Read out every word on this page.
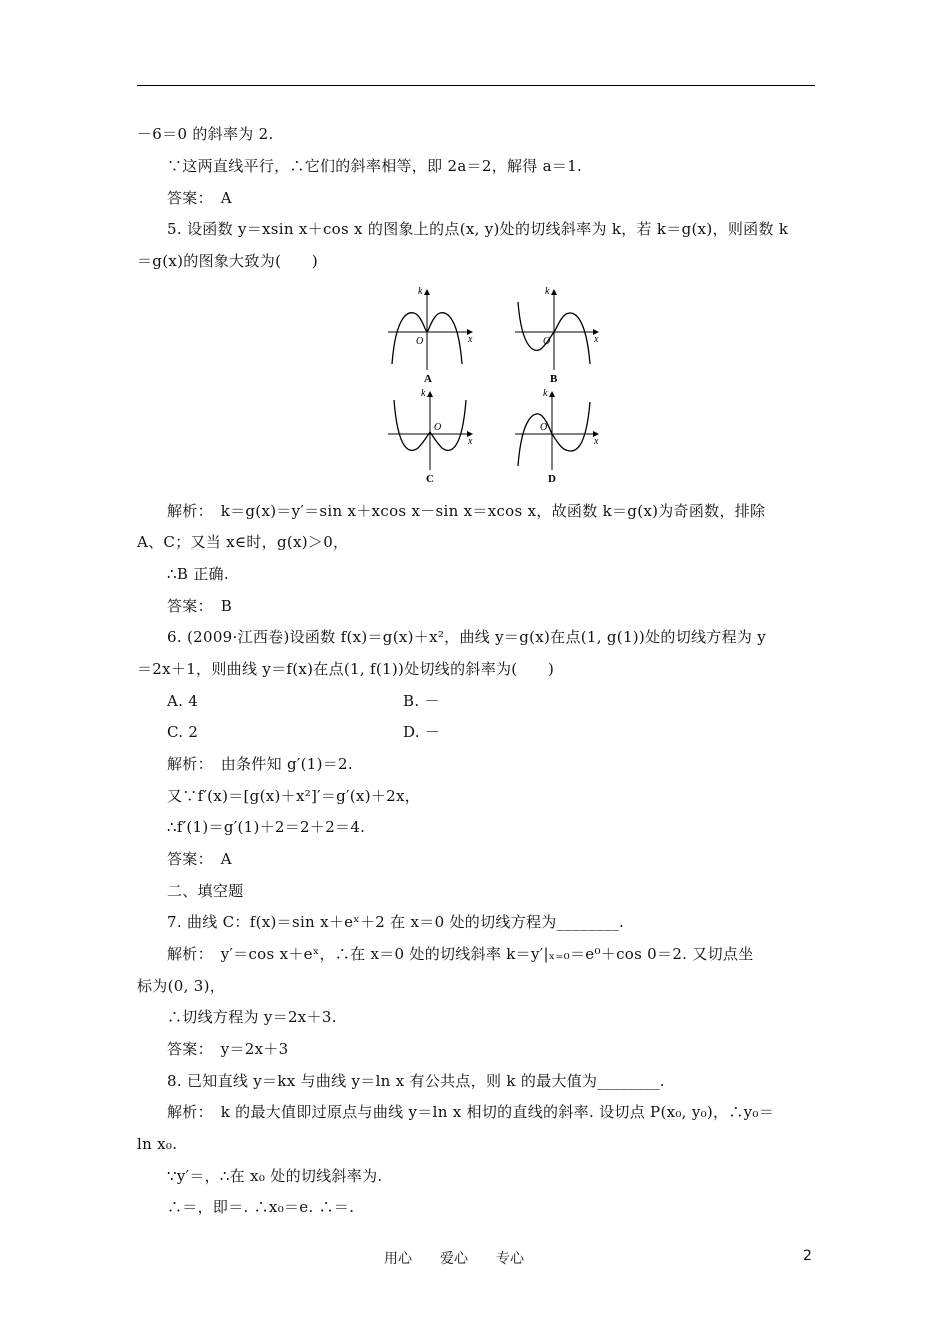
－6＝0 的斜率为 2.
∵这两直线平行，∴它们的斜率相等，即 2a＝2，解得 a＝1.
答案：　A
5. 设函数 y＝xsin x＋cos x 的图象上的点(x, y)处的切线斜率为 k，若 k＝g(x)，则函数 k
＝g(x)的图象大致为(　　)
O	x
k
A
O	x
k
B
O
x
k
C
O
x
k
D
解析：　k＝g(x)＝y′＝sin x＋xcos x－sin x＝xcos x，故函数 k＝g(x)为奇函数，排除
A、C；又当 x∈时，g(x)＞0，
∴B 正确.
答案：　B
6. (2009·江西卷)设函数 f(x)＝g(x)＋x²，曲线 y＝g(x)在点(1, g(1))处的切线方程为 y
＝2x＋1，则曲线 y＝f(x)在点(1, f(1))处切线的斜率为(　　)
A. 4	B. －
C. 2	D. －
解析：　由条件知 g′(1)＝2.
又∵f′(x)＝[g(x)＋x²]′＝g′(x)＋2x，
∴f′(1)＝g′(1)＋2＝2＋2＝4.
答案：　A
二、填空题
7. 曲线 C：f(x)＝sin x＋eˣ＋2 在 x＝0 处的切线方程为________.
解析：　y′＝cos x＋eˣ，∴在 x＝0 处的切线斜率 k＝y′|ₓ₌₀＝e⁰＋cos 0＝2. 又切点坐
标为(0, 3)，
∴切线方程为 y＝2x＋3.
答案：　y＝2x＋3
8. 已知直线 y＝kx 与曲线 y＝ln x 有公共点，则 k 的最大值为________.
解析：　k 的最大值即过原点与曲线 y＝ln x 相切的直线的斜率. 设切点 P(x₀, y₀)，∴y₀＝
ln x₀.
∵y′＝，∴在 x₀ 处的切线斜率为.
∴＝，即＝. ∴x₀＝e. ∴＝.
用心　　爱心　　专心	2
